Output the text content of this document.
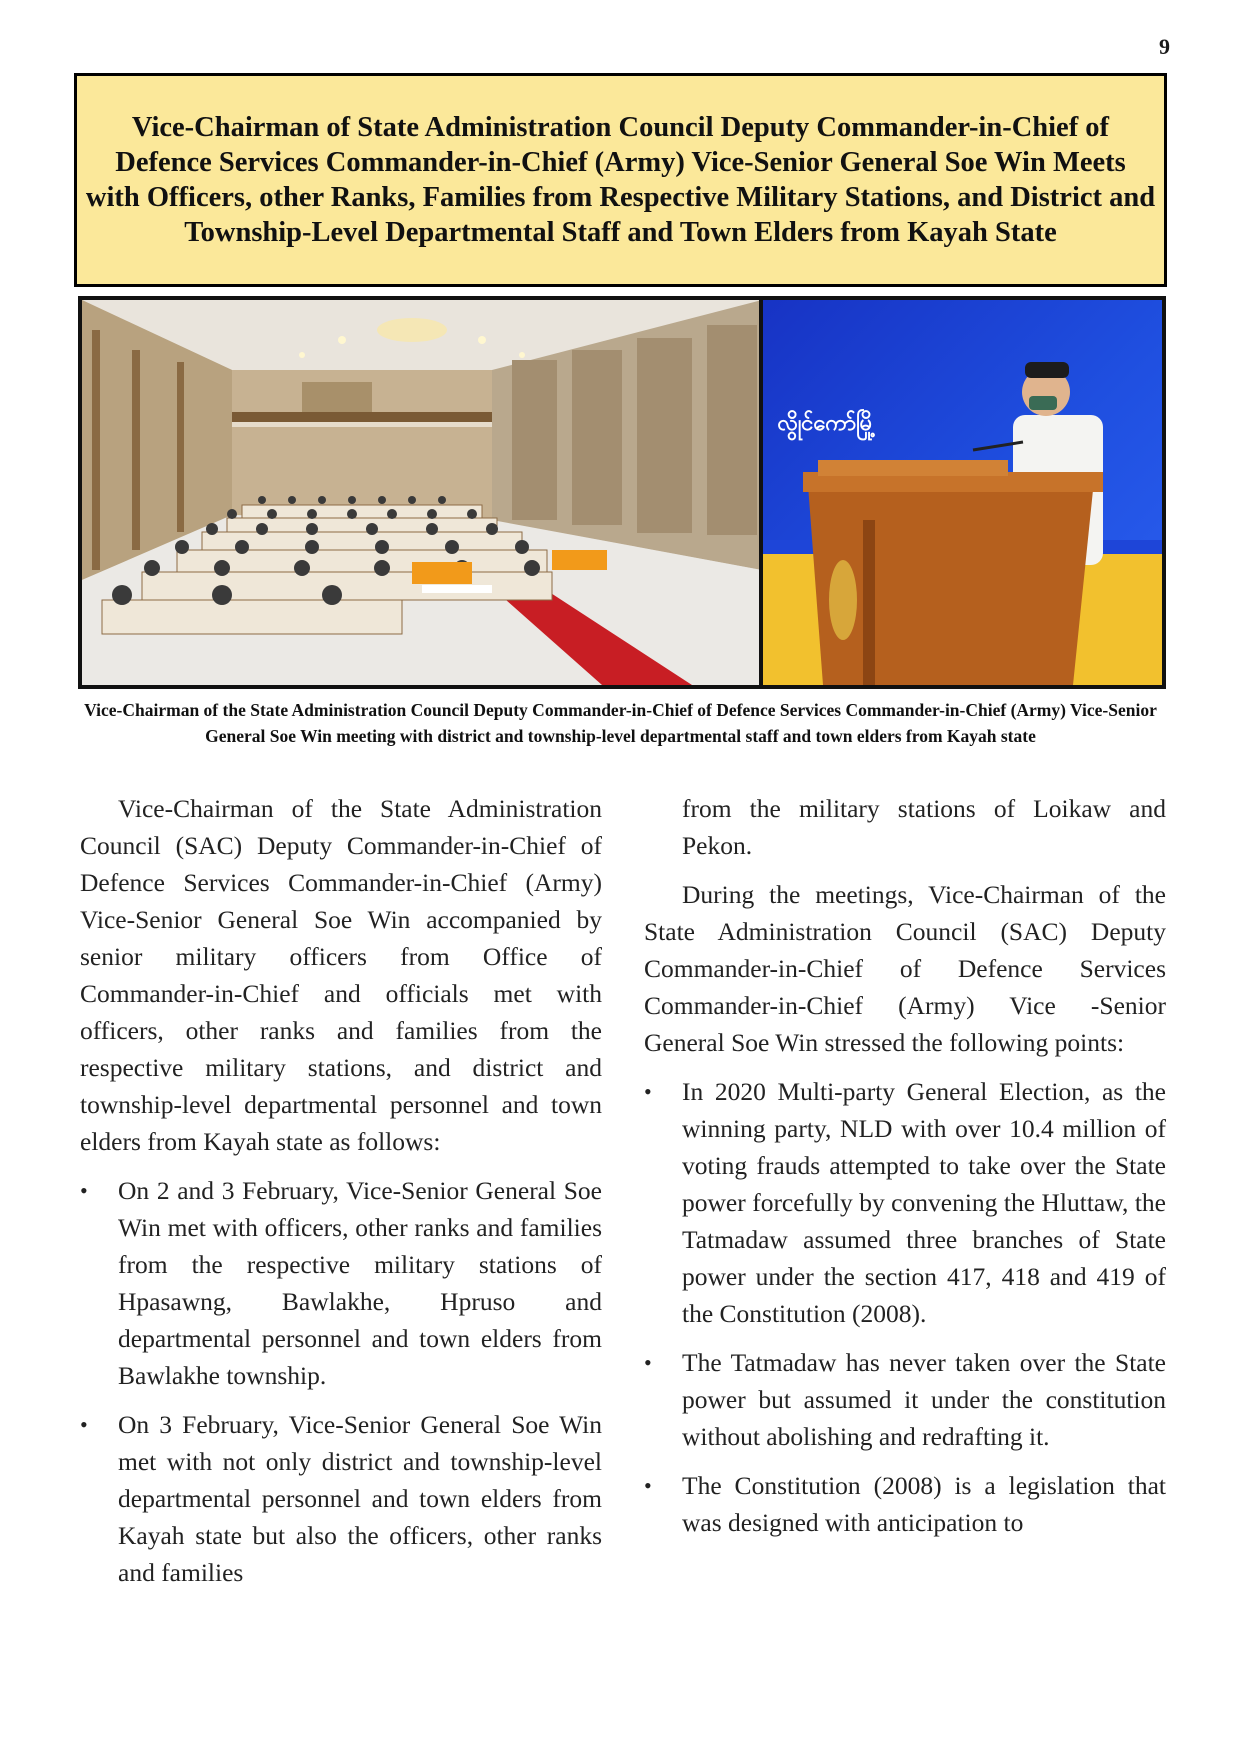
9
Vice-Chairman of State Administration Council Deputy Commander-in-Chief of Defence Services Commander-in-Chief (Army) Vice-Senior General Soe Win Meets with Officers, other Ranks, Families from Respective Military Stations, and District and Township-Level Departmental Staff and Town Elders from Kayah State
လွိုင်ကော်မြို့

Vice-Chairman of the State Administration Council Deputy Commander-in-Chief of Defence Services Commander-in-Chief (Army) Vice-Senior General Soe Win meeting with district and township-level departmental staff and town elders from Kayah state

Vice-Chairman of the State Administration Council (SAC) Deputy Commander-in-Chief of Defence Services Commander-in-Chief (Army) Vice-Senior General Soe Win accompanied by senior military officers from Office of Commander-in-Chief and officials met with officers, other ranks and families from the respective military stations, and district and township-level departmental personnel and town elders from Kayah state as follows:

• On 2 and 3 February, Vice-Senior General Soe Win met with officers, other ranks and families from the respective military stations of Hpasawng, Bawlakhe, Hpruso and departmental personnel and town elders from Bawlakhe township.
• On 3 February, Vice-Senior General Soe Win met with not only district and township-level departmental personnel and town elders from Kayah state but also the officers, other ranks and families

from the military stations of Loikaw and Pekon.

During the meetings, Vice-Chairman of the State Administration Council (SAC) Deputy Commander-in-Chief of Defence Services Commander-in-Chief (Army) Vice -Senior General Soe Win stressed the following points:

• In 2020 Multi-party General Election, as the winning party, NLD with over 10.4 million of voting frauds attempted to take over the State power forcefully by convening the Hluttaw, the Tatmadaw assumed three branches of State power under the section 417, 418 and 419 of the Constitution (2008).
• The Tatmadaw has never taken over the State power but assumed it under the constitution without abolishing and redrafting it.
• The Constitution (2008) is a legislation that was designed with anticipation to
